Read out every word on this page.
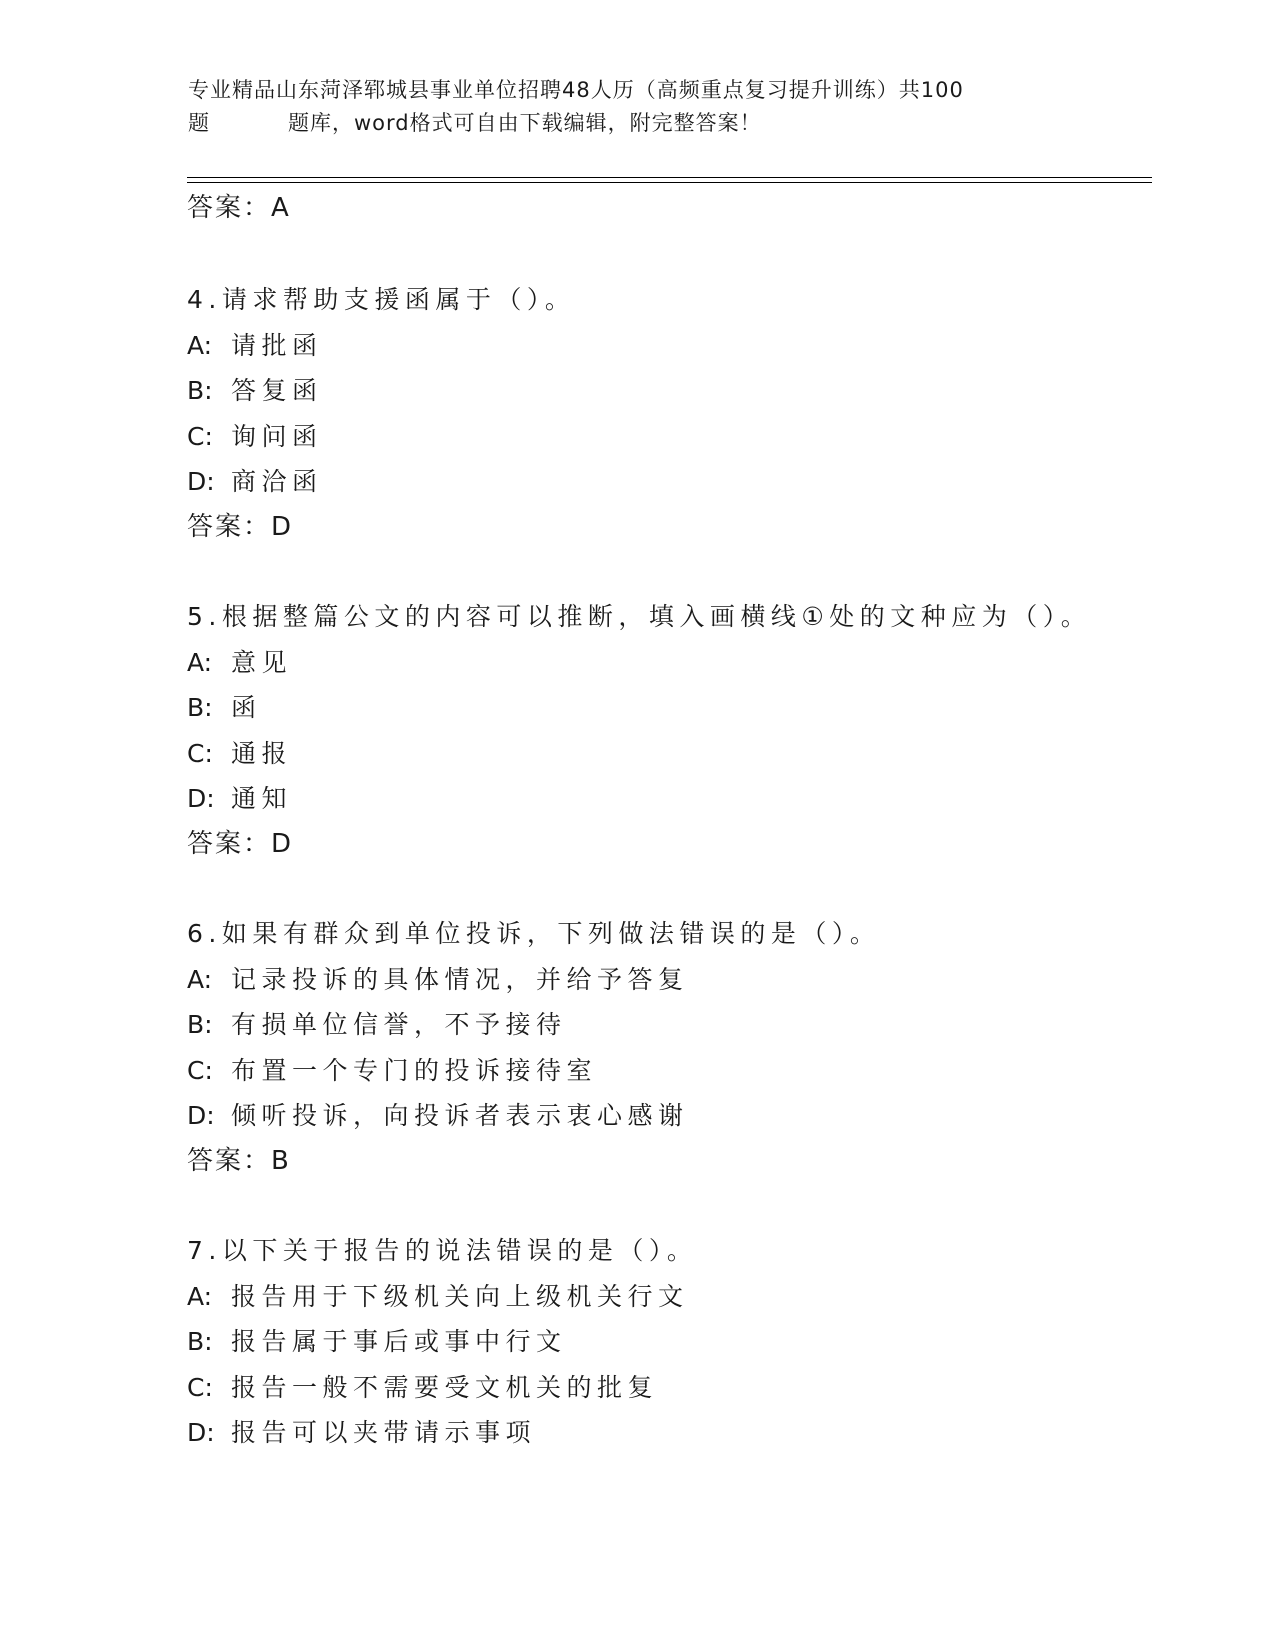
专业精品山东菏泽郓城县事业单位招聘48人历（高频重点复习提升训练）共100
题	题库，word格式可自由下载编辑，附完整答案！
答案：A
4.请求帮助支援函属于（）。
A: 请批函
B: 答复函
C: 询问函
D: 商洽函
答案：D
5.根据整篇公文的内容可以推断，填入画横线①处的文种应为（）。
A: 意见
B: 函
C: 通报
D: 通知
答案：D
6.如果有群众到单位投诉，下列做法错误的是（）。
A: 记录投诉的具体情况，并给予答复
B: 有损单位信誉，不予接待
C: 布置一个专门的投诉接待室
D: 倾听投诉，向投诉者表示衷心感谢
答案：B
7.以下关于报告的说法错误的是（）。
A: 报告用于下级机关向上级机关行文
B: 报告属于事后或事中行文
C: 报告一般不需要受文机关的批复
D: 报告可以夹带请示事项
